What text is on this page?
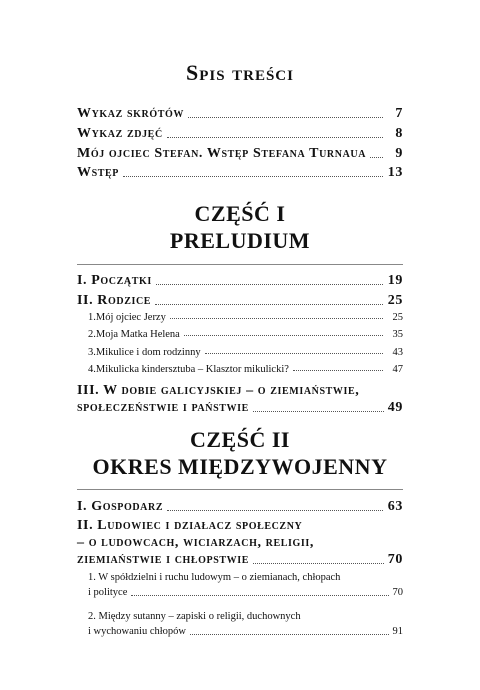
Spis treści
Wykaz skrótów	7
Wykaz zdjęć	8
Mój ojciec Stefan. Wstęp Stefana Turnaua	9
Wstęp	13
CZĘŚĆ I
PRELUDIUM
I. Początki	19
II. Rodzice	25
1.Mój ojciec Jerzy	25
2.Moja Matka Helena	35
3.Mikulice i dom rodzinny	43
4.Mikulicka kindersztuba – Klasztor mikulicki?	47
III. W dobie galicyjskiej – o ziemiaństwie,
społeczeństwie i państwie	49
CZĘŚĆ II
OKRES MIĘDZYWOJENNY
I. Gospodarz	63
II. Ludowiec i działacz społeczny
– o ludowcach, wiciarzach, religii,
ziemiaństwie i chłopstwie	70
1. W spółdzielni i ruchu ludowym – o ziemianach, chłopach
i polityce	70
2. Między sutanny – zapiski o religii, duchownych
i wychowaniu chłopów	91
